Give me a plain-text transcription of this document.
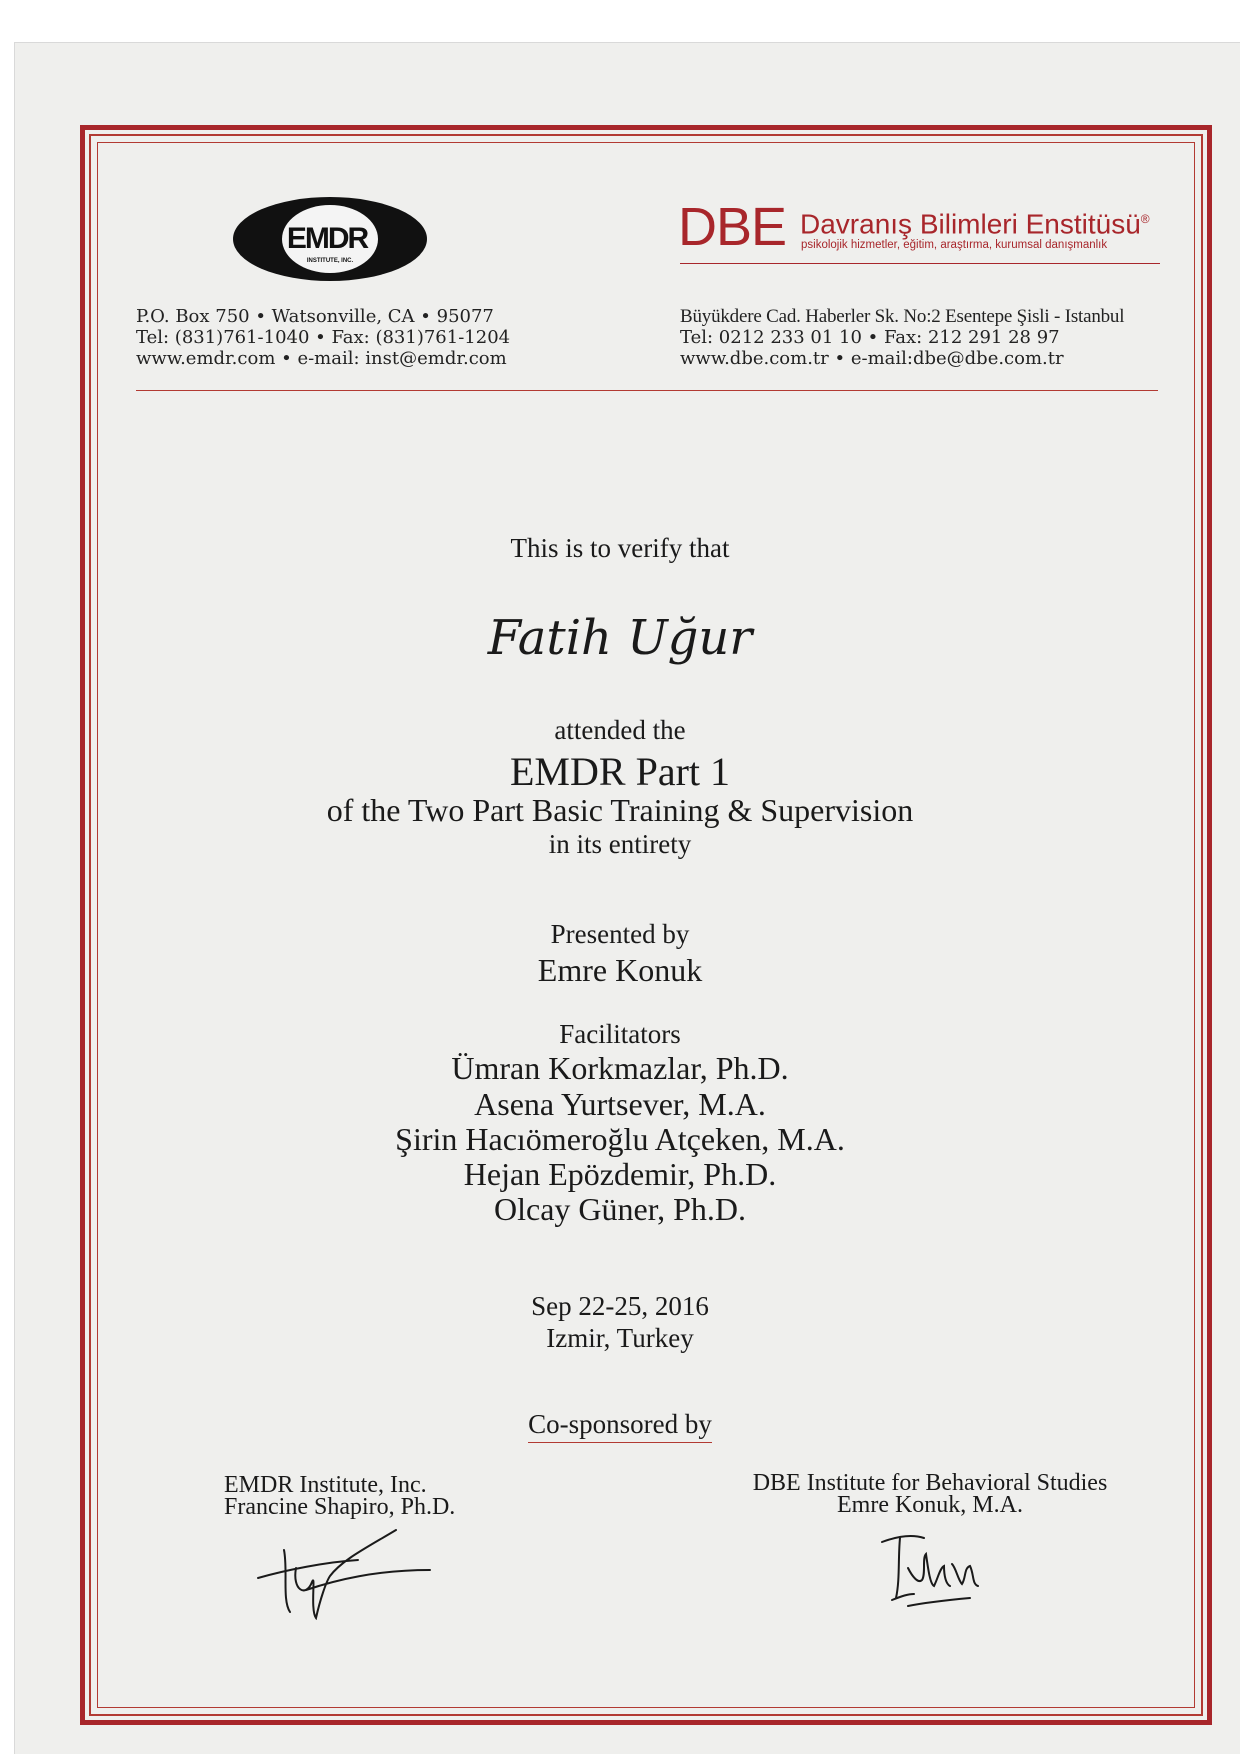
EMDR
INSTITUTE, INC.
P.O. Box 750 • Watsonville, CA • 95077
Tel: (831)761-1040 • Fax: (831)761-1204
www.emdr.com • e-mail: inst@emdr.com
DBE Davranış Bilimleri Enstitüsü®
psikolojik hizmetler, eğitim, araştırma, kurumsal danışmanlık
Büyükdere Cad. Haberler Sk. No:2 Esentepe Şisli - Istanbul
Tel: 0212 233 01 10 • Fax: 212 291 28 97
www.dbe.com.tr • e-mail:dbe@dbe.com.tr
This is to verify that
Fatih Uğur
attended the
EMDR Part 1
of the Two Part Basic Training & Supervision
in its entirety
Presented by
Emre Konuk
Facilitators
Ümran Korkmazlar, Ph.D.
Asena Yurtsever, M.A.
Şirin Hacıömeroğlu Atçeken, M.A.
Hejan Epözdemir, Ph.D.
Olcay Güner, Ph.D.
Sep 22-25, 2016
Izmir, Turkey
Co-sponsored by
EMDR Institute, Inc.
Francine Shapiro, Ph.D.
DBE Institute for Behavioral Studies
Emre Konuk, M.A.
